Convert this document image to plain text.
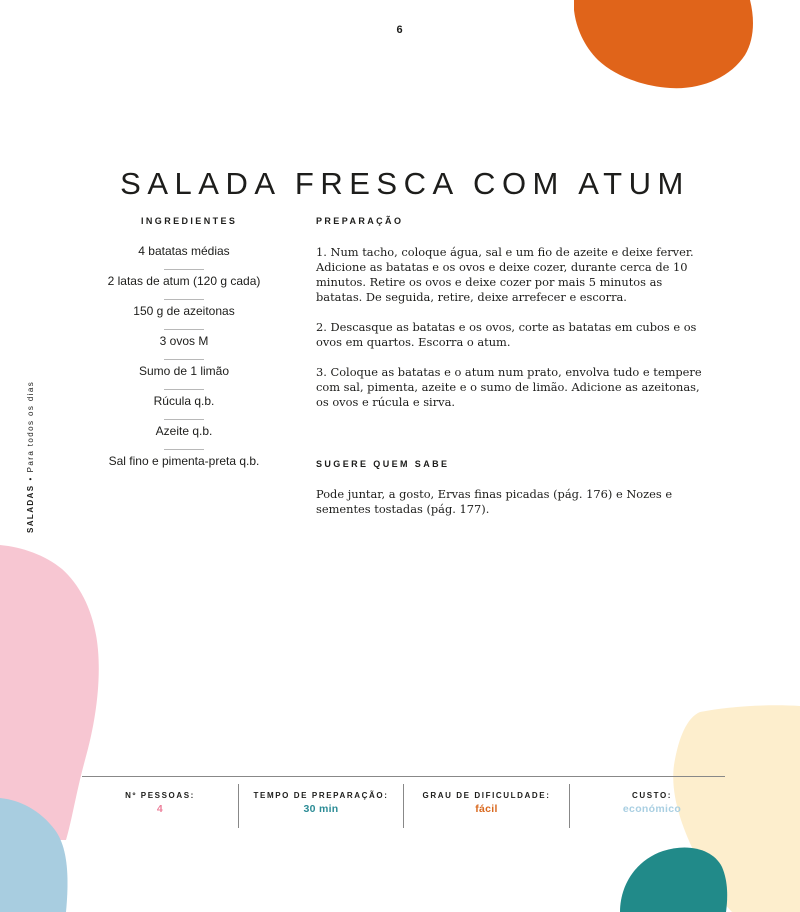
6
SALADAS•Para todos os dias
SALADA FRESCA COM ATUM
INGREDIENTES
4 batatas médias
2 latas de atum (120 g cada)
150 g de azeitonas
3 ovos M
Sumo de 1 limão
Rúcula q.b.
Azeite q.b.
Sal fino e pimenta-preta q.b.
PREPARAÇÃO

1. Num tacho, coloque água, sal e um fio de azeite e deixe ferver. Adicione as batatas e os ovos e deixe cozer, durante cerca de 10 minutos. Retire os ovos e deixe cozer por mais 5 minutos as batatas. De seguida, retire, deixe arrefecer e escorra.

2. Descasque as batatas e os ovos, corte as batatas em cubos e os ovos em quartos. Escorra o atum.

3. Coloque as batatas e o atum num prato, envolva tudo e tempere com sal, pimenta, azeite e o sumo de limão. Adicione as azeitonas, os ovos e rúcula e sirva.

SUGERE QUEM SABE

Pode juntar, a gosto, Ervas finas picadas (pág. 176) e Nozes e sementes tostadas (pág. 177).

Nº PESSOAS:
4
TEMPO DE PREPARAÇÃO:
30 min
GRAU DE DIFICULDADE:
fácil
CUSTO:
económico
